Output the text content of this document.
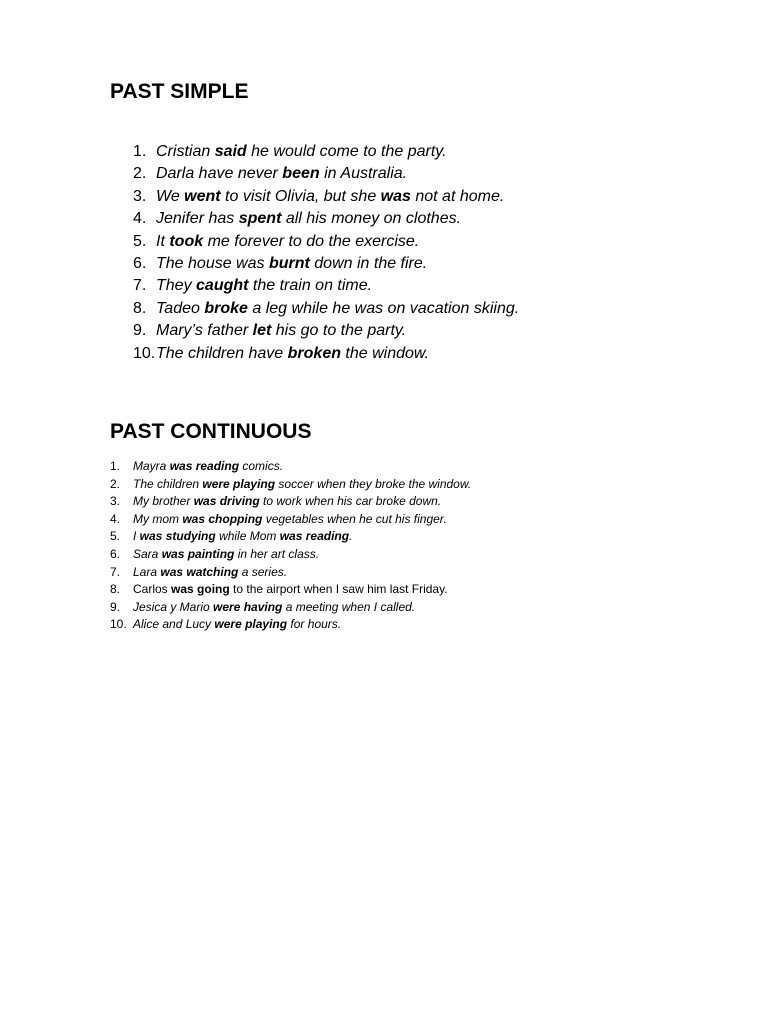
PAST SIMPLE
1. Cristian said he would come to the party.
2. Darla have never been in Australia.
3. We went to visit Olivia, but she was not at home.
4. Jenifer has spent all his money on clothes.
5. It took me forever to do the exercise.
6. The house was burnt down in the fire.
7. They caught the train on time.
8. Tadeo broke a leg while he was on vacation skiing.
9. Mary’s father let his go to the party.
10. The children have broken the window.
PAST CONTINUOUS
1. Mayra was reading comics.
2. The children were playing soccer when they broke the window.
3. My brother was driving to work when his car broke down.
4. My mom was chopping vegetables when he cut his finger.
5. I was studying while Mom was reading.
6. Sara was painting in her art class.
7. Lara was watching a series.
8. Carlos was going to the airport when I saw him last Friday.
9. Jesica y Mario were having a meeting when I called.
10. Alice and Lucy were playing for hours.
